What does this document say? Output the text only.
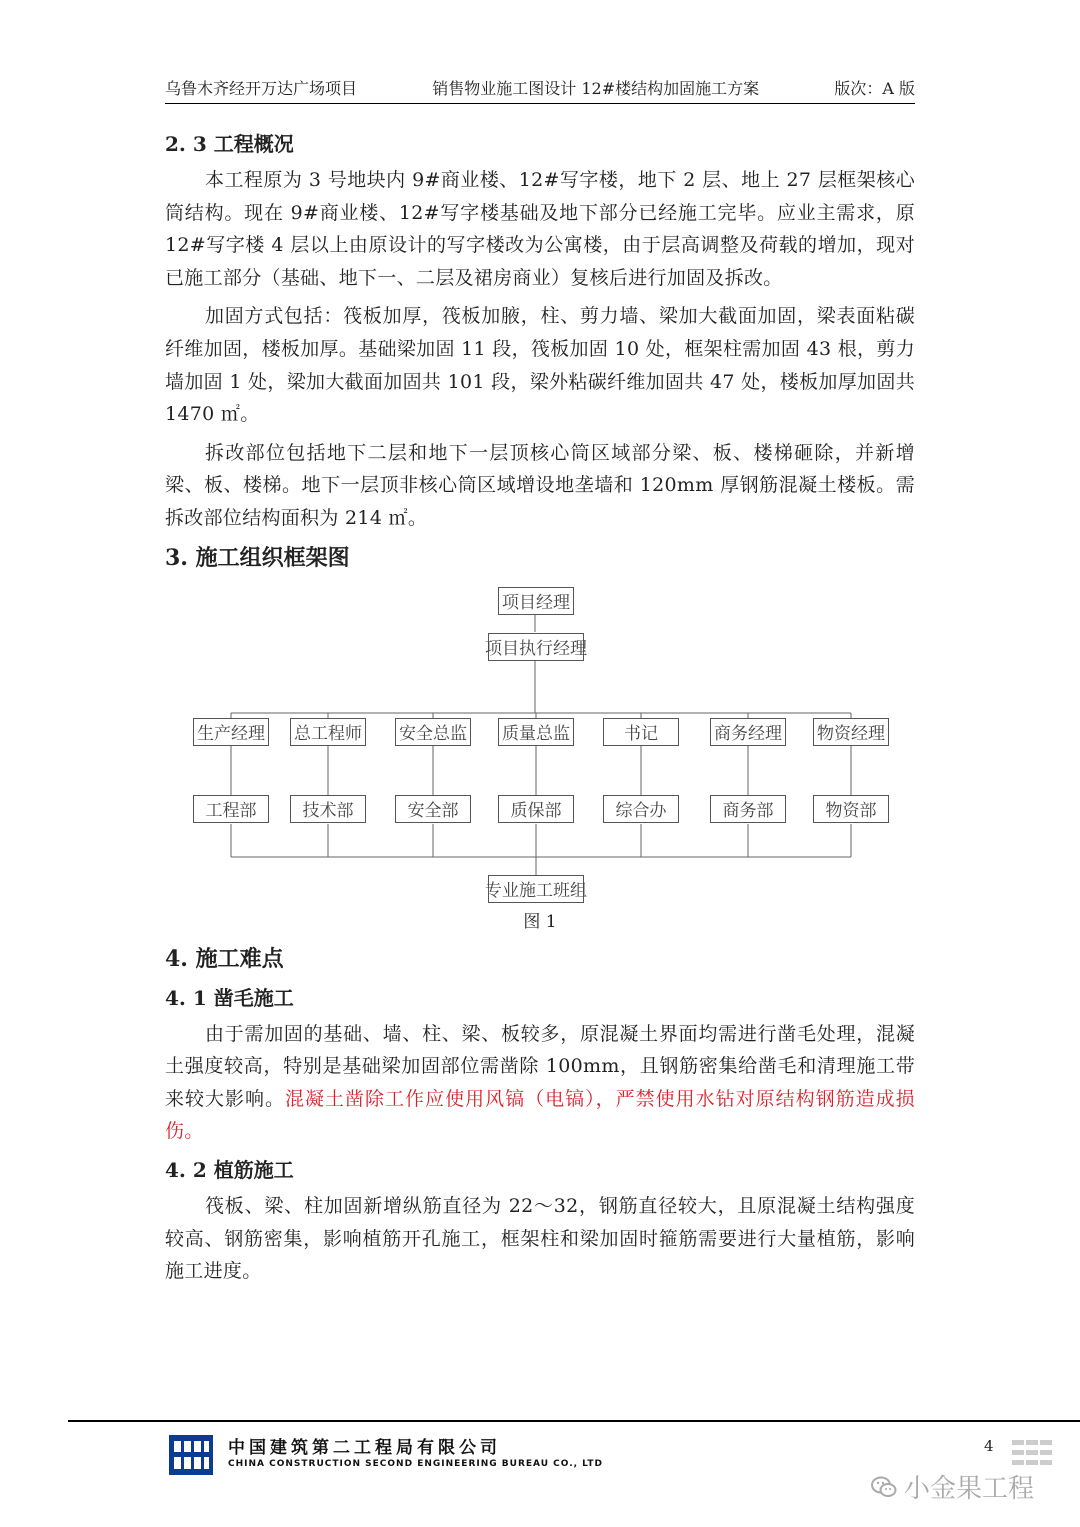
乌鲁木齐经开万达广场项目	销售物业施工图设计 12#楼结构加固施工方案	版次：A 版
2. 3 工程概况

本工程原为 3 号地块内 9#商业楼、12#写字楼，地下 2 层、地上 27 层框架核心筒结构。现在 9#商业楼、12#写字楼基础及地下部分已经施工完毕。应业主需求，原 12#写字楼 4 层以上由原设计的写字楼改为公寓楼，由于层高调整及荷载的增加，现对已施工部分（基础、地下一、二层及裙房商业）复核后进行加固及拆改。

加固方式包括：筏板加厚，筏板加腋，柱、剪力墙、梁加大截面加固，梁表面粘碳纤维加固，楼板加厚。基础梁加固 11 段，筏板加固 10 处，框架柱需加固 43 根，剪力墙加固 1 处，梁加大截面加固共 101 段，梁外粘碳纤维加固共 47 处，楼板加厚加固共 1470 ㎡。

拆改部位包括地下二层和地下一层顶核心筒区域部分梁、板、楼梯砸除，并新增梁、板、楼梯。地下一层顶非核心筒区域增设地垄墙和 120mm 厚钢筋混凝土楼板。需拆改部位结构面积为 214 ㎡。

3. 施工组织框架图
项目经理
项目执行经理
生产经理 总工程师 安全总监 质量总监	书记	商务经理 物资经理
工程部	技术部	安全部	质保部	综合办	商务部	物资部
专业施工班组
图 1
4. 施工难点
4. 1 凿毛施工

由于需加固的基础、墙、柱、梁、板较多，原混凝土界面均需进行凿毛处理，混凝土强度较高，特别是基础梁加固部位需凿除 100mm，且钢筋密集给凿毛和清理施工带来较大影响。混凝土凿除工作应使用风镐（电镐），严禁使用水钻对原结构钢筋造成损伤。

4. 2 植筋施工

筏板、梁、柱加固新增纵筋直径为 22～32，钢筋直径较大，且原混凝土结构强度较高、钢筋密集，影响植筋开孔施工，框架柱和梁加固时箍筋需要进行大量植筋，影响施工进度。

中国建筑第二工程局有限公司
CHINA CONSTRUCTION SECOND ENGINEERING BUREAU CO., LTD
4
小金果工程
